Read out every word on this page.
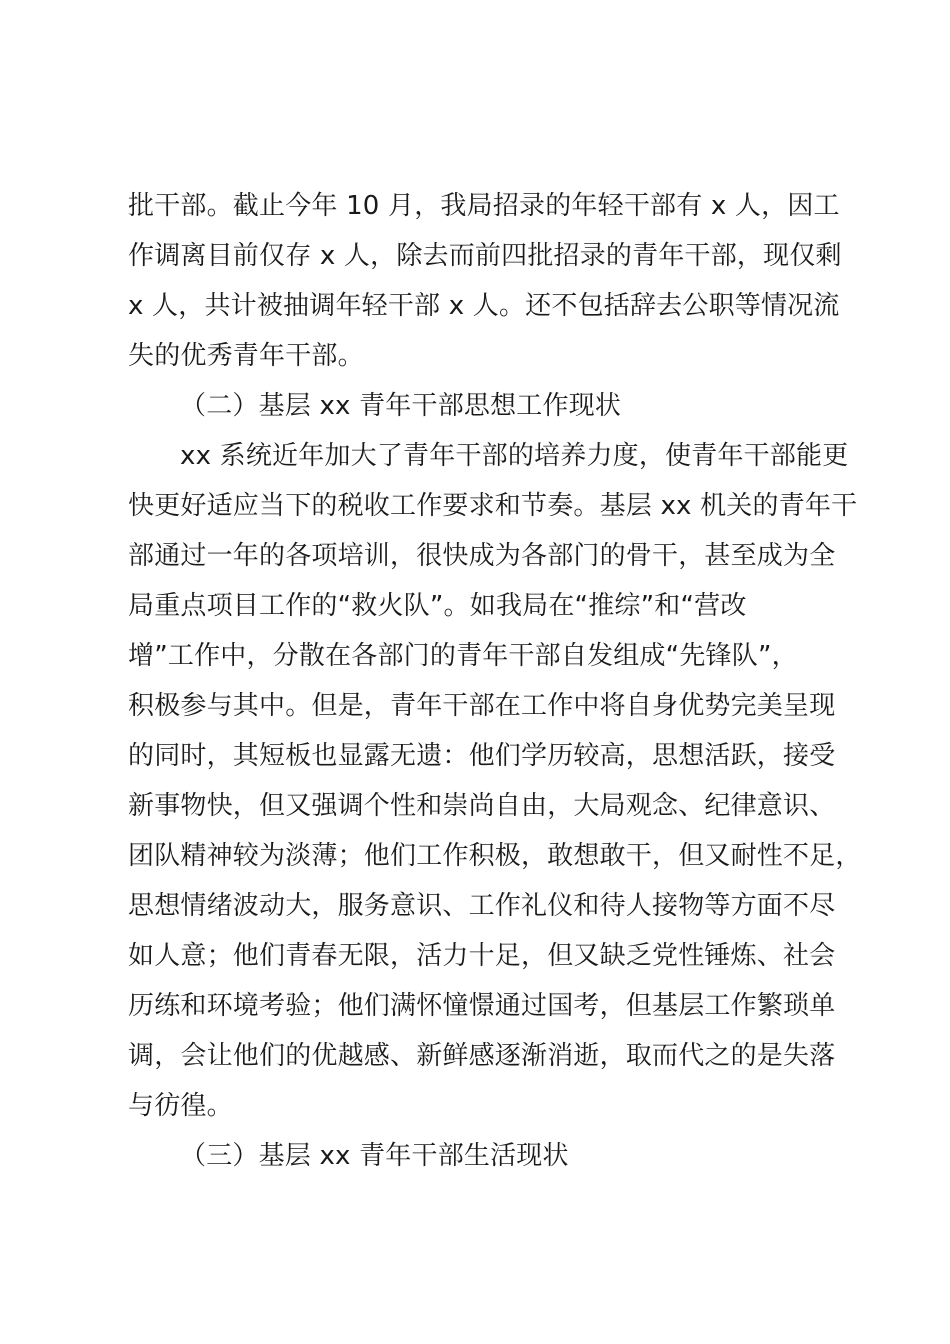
批干部。截止今年 10 月，我局招录的年轻干部有 x 人，因工
作调离目前仅存 x 人，除去而前四批招录的青年干部，现仅剩
x 人，共计被抽调年轻干部 x 人。还不包括辞去公职等情况流
失的优秀青年干部。
（二）基层 xx 青年干部思想工作现状
xx 系统近年加大了青年干部的培养力度，使青年干部能更
快更好适应当下的税收工作要求和节奏。基层 xx 机关的青年干
部通过一年的各项培训，很快成为各部门的骨干，甚至成为全
局重点项目工作的“救火队”。如我局在“推综”和“营改
增”工作中，分散在各部门的青年干部自发组成“先锋队”，
积极参与其中。但是，青年干部在工作中将自身优势完美呈现
的同时，其短板也显露无遗：他们学历较高，思想活跃，接受
新事物快，但又强调个性和崇尚自由，大局观念、纪律意识、
团队精神较为淡薄；他们工作积极，敢想敢干，但又耐性不足，
思想情绪波动大，服务意识、工作礼仪和待人接物等方面不尽
如人意；他们青春无限，活力十足，但又缺乏党性锤炼、社会
历练和环境考验；他们满怀憧憬通过国考，但基层工作繁琐单
调，会让他们的优越感、新鲜感逐渐消逝，取而代之的是失落
与彷徨。
（三）基层 xx 青年干部生活现状
